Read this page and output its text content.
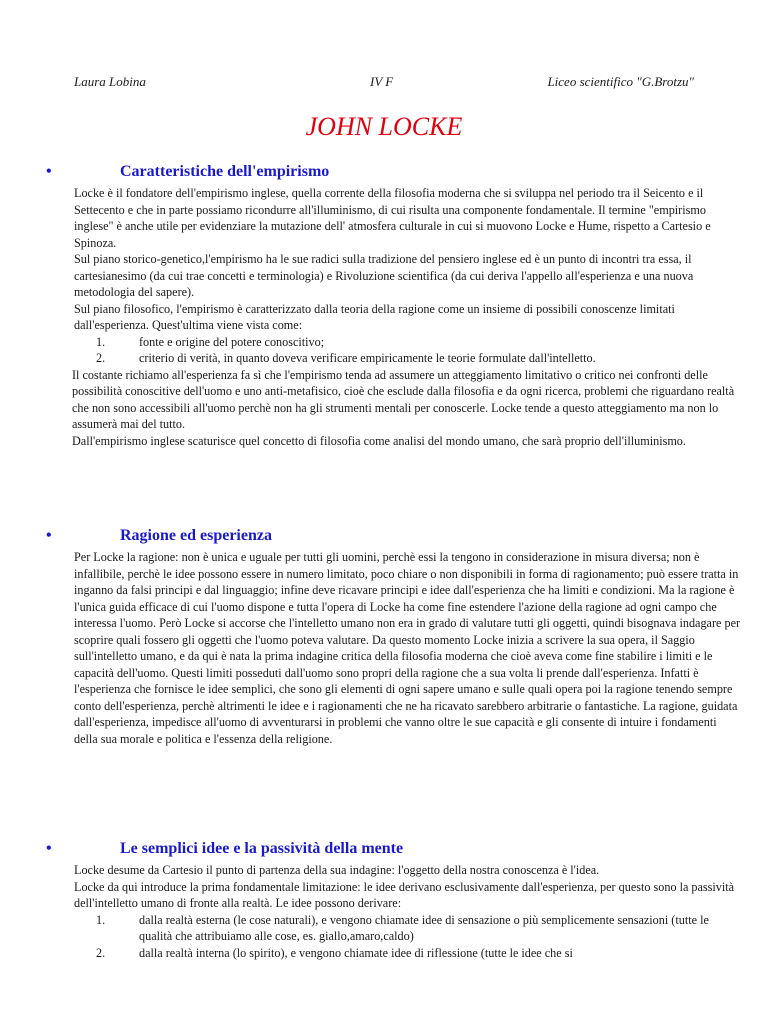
Laura Lobina	IV F	Liceo scientifico "G.Brotzu"
JOHN LOCKE
•	Caratteristiche dell'empirismo

Locke è il fondatore dell'empirismo inglese, quella corrente della filosofia moderna che si sviluppa nel periodo tra il Seicento e il Settecento e che in parte possiamo ricondurre all'illuminismo, di cui risulta una componente fondamentale. Il termine "empirismo inglese" è anche utile per evidenziare la mutazione dell' atmosfera culturale in cui si muovono Locke e Hume, rispetto a Cartesio e Spinoza.

Sul piano storico-genetico,l'empirismo ha le sue radici sulla tradizione del pensiero inglese ed è un punto di incontri tra essa, il cartesianesimo (da cui trae concetti e terminologia) e Rivoluzione scientifica (da cui deriva l'appello all'esperienza e una nuova metodologia del sapere).

Sul piano filosofico, l'empirismo è caratterizzato dalla teoria della ragione come un insieme di possibili conoscenze limitati dall'esperienza. Quest'ultima viene vista come:

1.	fonte e origine del potere conoscitivo;
2.	criterio di verità, in quanto doveva verificare empiricamente le teorie formulate dall'intelletto.

Il costante richiamo all'esperienza fa sì che l'empirismo tenda ad assumere un atteggiamento limitativo o critico nei confronti delle possibilità conoscitive dell'uomo e uno anti-metafisico, cioè che esclude dalla filosofia e da ogni ricerca, problemi che riguardano realtà che non sono accessibili all'uomo perchè non ha gli strumenti mentali per conoscerle. Locke tende a questo atteggiamento ma non lo assumerà mai del tutto.

Dall'empirismo inglese scaturisce quel concetto di filosofia come analisi del mondo umano, che sarà proprio dell'illuminismo.

•	Ragione ed esperienza

Per Locke la ragione: non è unica e uguale per tutti gli uomini, perchè essi la tengono in considerazione in misura diversa; non è infallibile, perchè le idee possono essere in numero limitato, poco chiare o non disponibili in forma di ragionamento; può essere tratta in inganno da falsi principi e dal linguaggio; infine deve ricavare principi e idee dall'esperienza che ha limiti e condizioni. Ma la ragione è l'unica guida efficace di cui l'uomo dispone e tutta l'opera di Locke ha come fine estendere l'azione della ragione ad ogni campo che interessa l'uomo. Però Locke si accorse che l'intelletto umano non era in grado di valutare tutti gli oggetti, quindi bisognava indagare per scoprire quali fossero gli oggetti che l'uomo poteva valutare. Da questo momento Locke inizia a scrivere la sua opera, il Saggio sull'intelletto umano, e da qui è nata la prima indagine critica della filosofia moderna che cioè aveva come fine stabilire i limiti e le capacità dell'uomo. Questi limiti posseduti dall'uomo sono propri della ragione che a sua volta li prende dall'esperienza. Infatti è l'esperienza che fornisce le idee semplici, che sono gli elementi di ogni sapere umano e sulle quali opera poi la ragione tenendo sempre conto dell'esperienza, perchè altrimenti le idee e i ragionamenti che ne ha ricavato sarebbero arbitrarie o fantastiche. La ragione, guidata dall'esperienza, impedisce all'uomo di avventurarsi in problemi che vanno oltre le sue capacità e gli consente di intuire i fondamenti della sua morale e politica e l'essenza della religione.

•	Le semplici idee e la passività della mente

Locke desume da Cartesio il punto di partenza della sua indagine: l'oggetto della nostra conoscenza è l'idea.

Locke da qui introduce la prima fondamentale limitazione: le idee derivano esclusivamente dall'esperienza, per questo sono la passività dell'intelletto umano di fronte alla realtà. Le idee possono derivare:

1.	dalla realtà esterna (le cose naturali), e vengono chiamate idee di sensazione o più semplicemente sensazioni (tutte le qualità che attribuiamo alle cose, es. giallo,amaro,caldo)
2.	dalla realtà interna (lo spirito), e vengono chiamate idee di riflessione (tutte le idee che si
